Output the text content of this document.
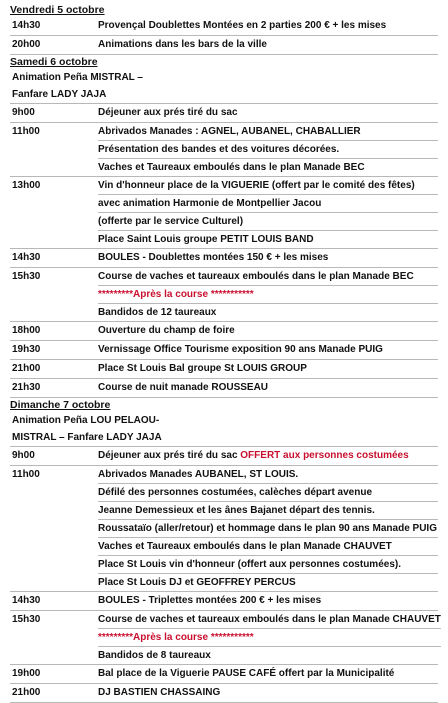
Vendredi 5 octobre
14h30	Provençal Doublettes Montées en 2 parties 200 € + les mises
20h00	Animations dans les bars de la ville
Samedi 6 octobre
Animation Peña MISTRAL – Fanfare LADY JAJA
9h00	Déjeuner aux prés tiré du sac
11h00	Abrivados Manades : AGNEL, AUBANEL, CHABALLIER
Présentation des bandes et des voitures décorées.
Vaches et Taureaux emboulés dans le plan Manade BEC
13h00	Vin d'honneur place de la VIGUERIE (offert par le comité des fêtes)
avec animation Harmonie de Montpellier Jacou
(offerte par le service Culturel)
Place Saint Louis groupe PETIT LOUIS BAND
14h30	BOULES - Doublettes montées 150 € + les mises
15h30	Course de vaches et taureaux emboulés dans le plan Manade BEC
*********Après la course ***********
Bandidos de 12 taureaux
18h00	Ouverture du champ de foire
19h30	Vernissage Office Tourisme exposition 90 ans Manade PUIG
21h00	Place St Louis Bal groupe St LOUIS GROUP
21h30	Course de nuit manade ROUSSEAU
Dimanche 7 octobre
Animation Peña LOU PELAOU- MISTRAL – Fanfare LADY JAJA
9h00	Déjeuner aux prés tiré du sac OFFERT aux personnes costumées
11h00	Abrivados Manades AUBANEL, ST LOUIS.
Défilé des personnes costumées, calèches départ avenue
Jeanne Demessieux et les ânes Bajanet départ des tennis.
Roussataïo (aller/retour) et hommage dans le plan 90 ans Manade PUIG
Vaches et Taureaux emboulés dans le plan Manade CHAUVET
Place St Louis vin d'honneur (offert aux personnes costumées).
Place St Louis DJ et GEOFFREY PERCUS
14h30	BOULES - Triplettes montées 200 € + les mises
15h30	Course de vaches et taureaux emboulés dans le plan Manade CHAUVET
*********Après la course ***********
Bandidos de 8 taureaux
19h00	Bal place de la Viguerie PAUSE CAFÉ offert par la Municipalité
21h00	DJ BASTIEN CHASSAING
